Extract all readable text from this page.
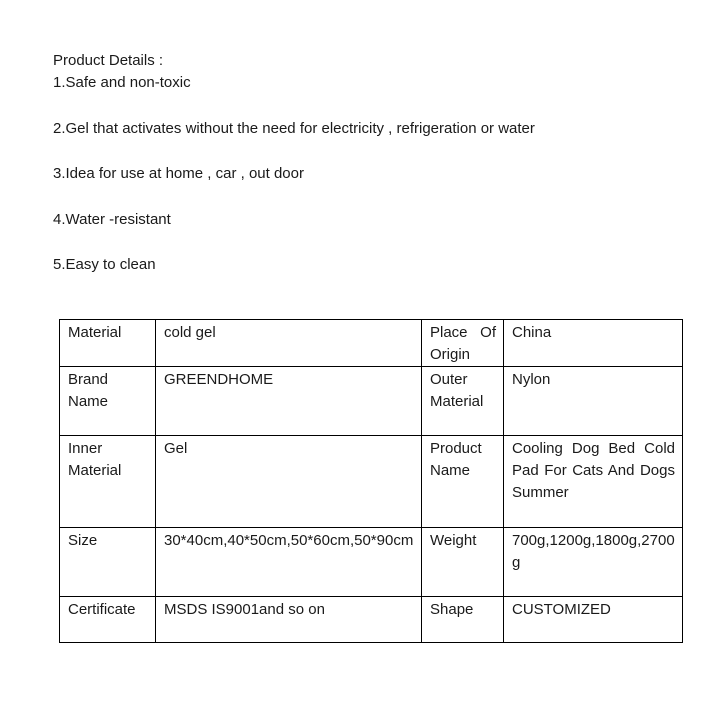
Product Details :
1.Safe and non-toxic
2.Gel that activates without the need for electricity , refrigeration or water
3.Idea for use at home , car , out door
4.Water -resistant
5.Easy to clean
Material	cold gel	Place Of Origin	China
Brand Name	GREENDHOME	Outer Material	Nylon
Inner Material	Gel	Product Name	Cooling Dog Bed Cold Pad For Cats And Dogs Summer
Size	30*40cm,40*50cm,50*60cm,50*90cm	Weight	700g,1200g,1800g,2700g
Certificate	MSDS IS9001and so on	Shape	CUSTOMIZED
